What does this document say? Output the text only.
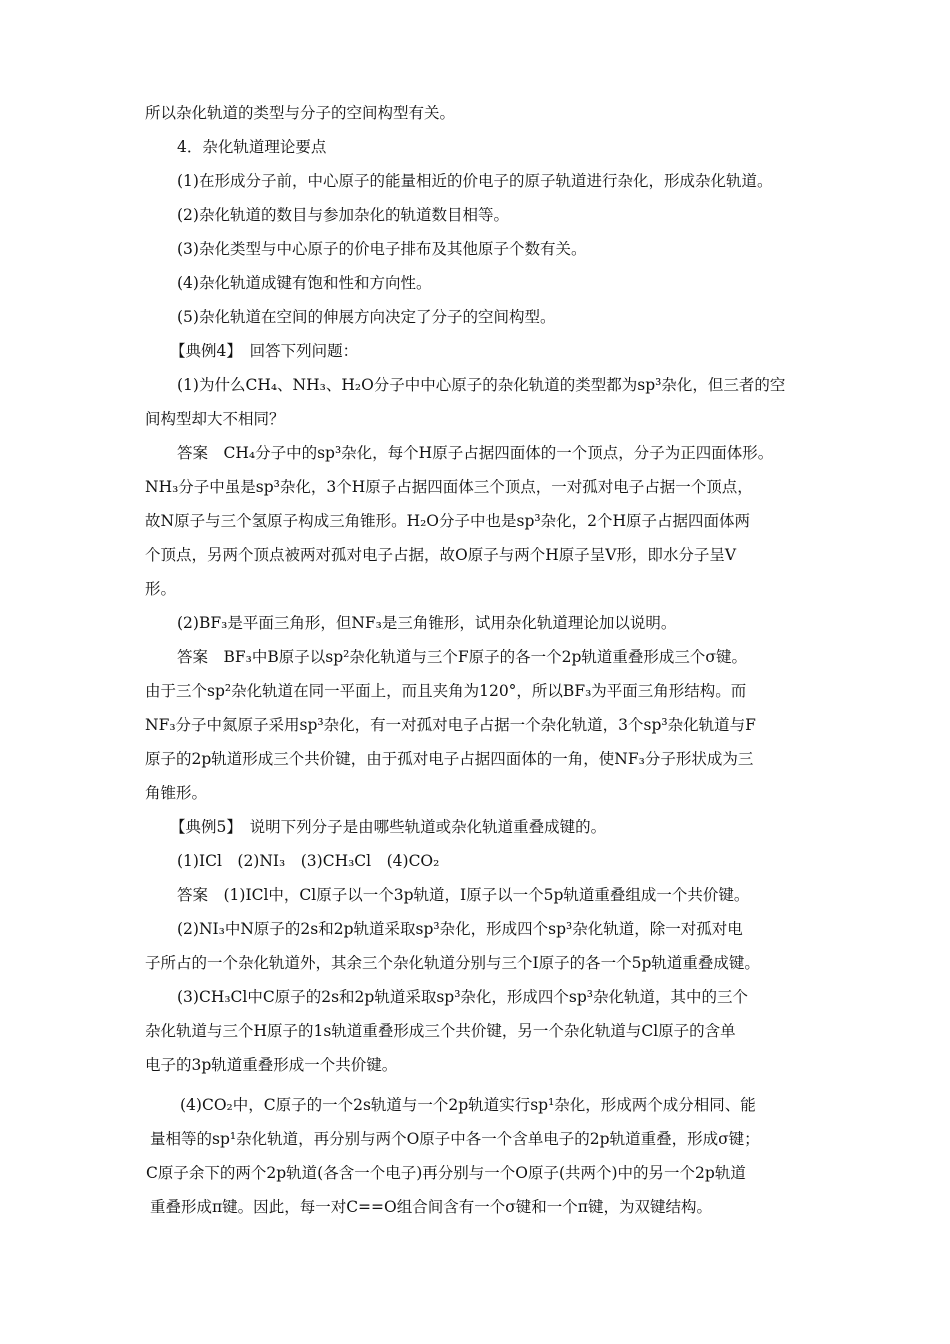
所以杂化轨道的类型与分子的空间构型有关。
4．杂化轨道理论要点
(1)在形成分子前，中心原子的能量相近的价电子的原子轨道进行杂化，形成杂化轨道。
(2)杂化轨道的数目与参加杂化的轨道数目相等。
(3)杂化类型与中心原子的价电子排布及其他原子个数有关。
(4)杂化轨道成键有饱和性和方向性。
(5)杂化轨道在空间的伸展方向决定了分子的空间构型。
【典例4】　回答下列问题：
(1)为什么CH₄、NH₃、H₂O分子中中心原子的杂化轨道的类型都为sp³杂化，但三者的空
间构型却大不相同？
答案　CH₄分子中的sp³杂化，每个H原子占据四面体的一个顶点，分子为正四面体形。
NH₃分子中虽是sp³杂化，3个H原子占据四面体三个顶点，一对孤对电子占据一个顶点，
故N原子与三个氢原子构成三角锥形。H₂O分子中也是sp³杂化，2个H原子占据四面体两
个顶点，另两个顶点被两对孤对电子占据，故O原子与两个H原子呈V形，即水分子呈V
形。
(2)BF₃是平面三角形，但NF₃是三角锥形，试用杂化轨道理论加以说明。
答案　BF₃中B原子以sp²杂化轨道与三个F原子的各一个2p轨道重叠形成三个σ键。
由于三个sp²杂化轨道在同一平面上，而且夹角为120°，所以BF₃为平面三角形结构。而
NF₃分子中氮原子采用sp³杂化，有一对孤对电子占据一个杂化轨道，3个sp³杂化轨道与F
原子的2p轨道形成三个共价键，由于孤对电子占据四面体的一角，使NF₃分子形状成为三
角锥形。
【典例5】　说明下列分子是由哪些轨道或杂化轨道重叠成键的。
(1)ICl　(2)NI₃　(3)CH₃Cl　(4)CO₂
答案　(1)ICl中，Cl原子以一个3p轨道，I原子以一个5p轨道重叠组成一个共价键。
(2)NI₃中N原子的2s和2p轨道采取sp³杂化，形成四个sp³杂化轨道，除一对孤对电
子所占的一个杂化轨道外，其余三个杂化轨道分别与三个I原子的各一个5p轨道重叠成键。
(3)CH₃Cl中C原子的2s和2p轨道采取sp³杂化，形成四个sp³杂化轨道，其中的三个
杂化轨道与三个H原子的1s轨道重叠形成三个共价键，另一个杂化轨道与Cl原子的含单
电子的3p轨道重叠形成一个共价键。
(4)CO₂中，C原子的一个2s轨道与一个2p轨道实行sp¹杂化，形成两个成分相同、能
量相等的sp¹杂化轨道，再分别与两个O原子中各一个含单电子的2p轨道重叠，形成σ键；
C原子余下的两个2p轨道(各含一个电子)再分别与一个O原子(共两个)中的另一个2p轨道
重叠形成π键。因此，每一对C==O组合间含有一个σ键和一个π键，为双键结构。
